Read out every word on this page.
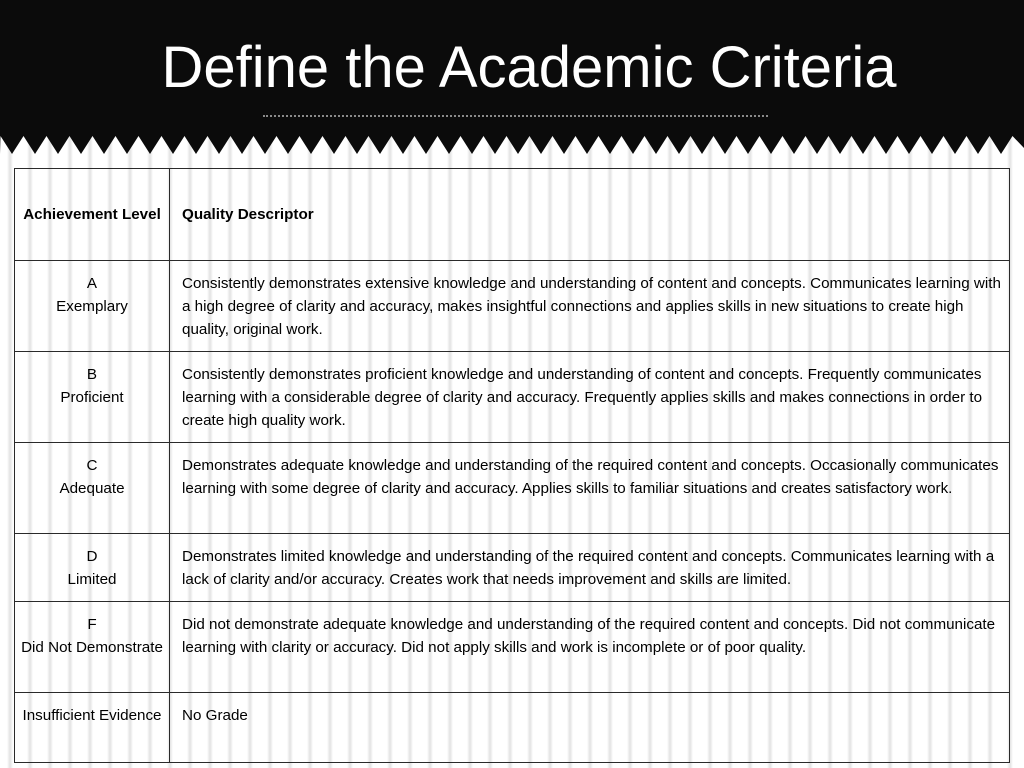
Define the Academic Criteria
Achievement Level	Quality Descriptor

A
Exemplary	Consistently demonstrates extensive knowledge and understanding of content and concepts. Communicates learning with a high degree of clarity and accuracy, makes insightful connections and applies skills in new situations to create high quality, original work.

B
Proficient	Consistently demonstrates proficient knowledge and understanding of content and concepts. Frequently communicates learning with a considerable degree of clarity and accuracy. Frequently applies skills and makes connections in order to create high quality work.

C
Adequate	Demonstrates adequate knowledge and understanding of the required content and concepts. Occasionally communicates learning with some degree of clarity and accuracy. Applies skills to familiar situations and creates satisfactory work.

D
Limited	Demonstrates limited knowledge and understanding of the required content and concepts. Communicates learning with a lack of clarity and/or accuracy. Creates work that needs improvement and skills are limited.

F
Did Not Demonstrate	Did not demonstrate adequate knowledge and understanding of the required content and concepts. Did not communicate learning with clarity or accuracy. Did not apply skills and work is incomplete or of poor quality.

Insufficient Evidence	No Grade
